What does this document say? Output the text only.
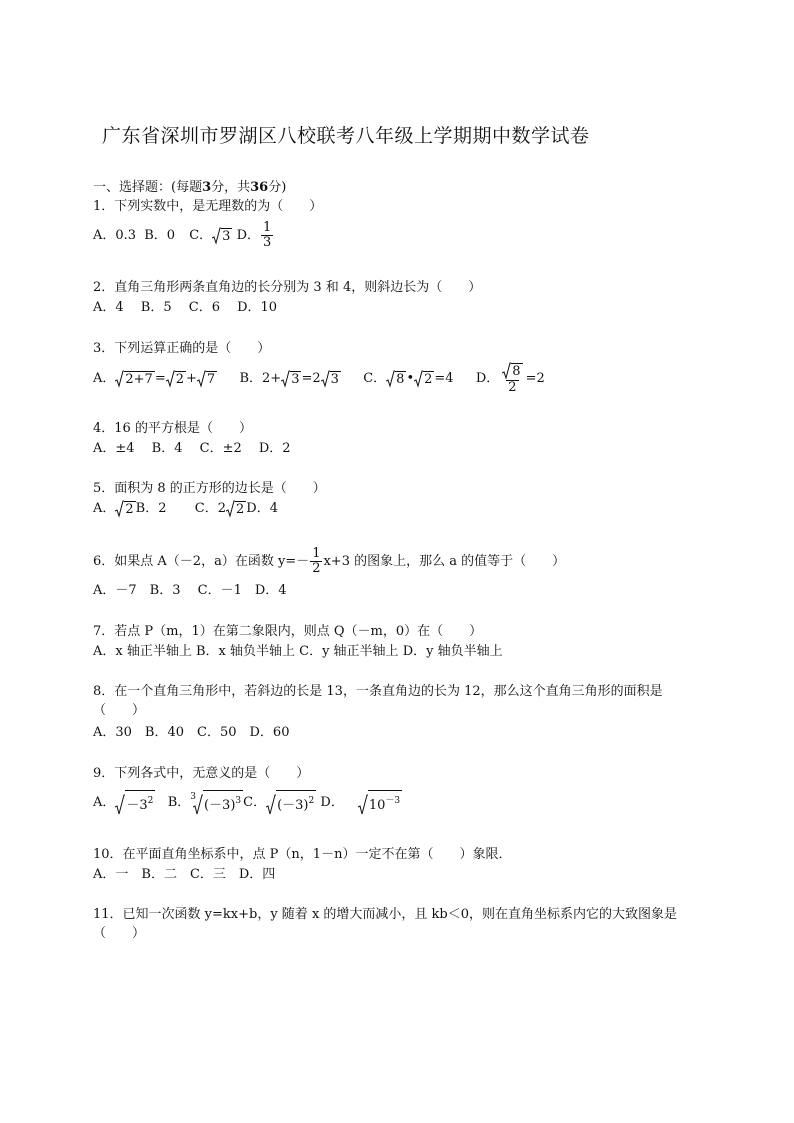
广东省深圳市罗湖区八校联考八年级上学期期中数学试卷
一、选择题：(每题3分，共36分)
1．下列实数中，是无理数的为（　　）
A．0.3 B．0 C． 3 D． $\frac{1}{3}$
2．直角三角形两条直角边的长分别为 3 和 4，则斜边长为（　　）
A．4　 B．5　 C．6　 D．10
3．下列运算正确的是（　　）
A． 2+7 = 2 + 7 B．2+ 3 =2 3 C． 8 • 2 =4 D． $\frac{8}{2} =2$
4．16 的平方根是（　　）
A．±4　 B．4　 C．±2　 D．2
5．面积为 8 的正方形的边长是（　　）
A． 2 B．2 C．2 2 D．4
6．如果点 A（－2，a）在函数 $y=- \frac{1}{2} x+3$ 的图象上，那么 a 的值等于（　　）
A．－7　B．3　 C．－1　D．4
7．若点 P（m，1）在第二象限内，则点 Q（－m，0）在（　　）
A．x 轴正半轴上 B．x 轴负半轴上 C．y 轴正半轴上 D．y 轴负半轴上
8．在一个直角三角形中，若斜边的长是 13，一条直角边的长为 12，那么这个直角三角形的面积是
（　　）
A．30　B．40　C．50　D．60
9．下列各式中，无意义的是（　　）
A． $-3^2$ B．$^3$
$(-3)^3$ C． $(-3)^2$ D． $10^{-3}$
10．在平面直角坐标系中，点 P（n，1－n）一定不在第（　　）象限．
A．一　B．二　C．三　D．四
11．已知一次函数 y=kx+b，y 随着 x 的增大而减小，且 kb＜0，则在直角坐标系内它的大致图象是
（　　）
